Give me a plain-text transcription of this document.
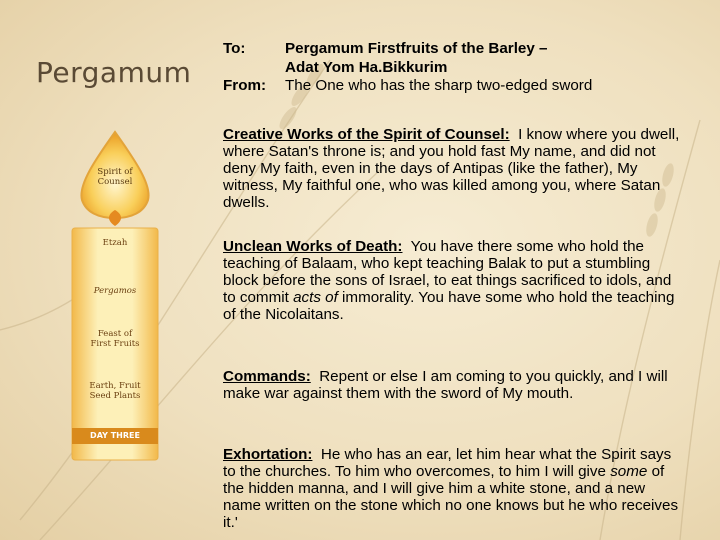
Pergamum
Spirit of
Counsel
Etzah
Pergamos
Feast of
First Fruits
Earth, Fruit
Seed Plants
DAY THREE
To:	Pergamum Firstfruits of the Barley –
Adat Yom Ha.Bikkurim
From:	The One who has the sharp two-edged sword
Creative Works of the Spirit of Counsel: I know where you dwell, where Satan's throne is; and you hold fast My name, and did not deny My faith, even in the days of Antipas (like the father), My witness, My faithful one, who was killed among you, where Satan dwells.
Unclean Works of Death: You have there some who hold the teaching of Balaam, who kept teaching Balak to put a stumbling block before the sons of Israel, to eat things sacrificed to idols, and to commit acts of immorality. You have some who hold the teaching of the Nicolaitans.
Commands: Repent or else I am coming to you quickly, and I will make war against them with the sword of My mouth.
Exhortation: He who has an ear, let him hear what the Spirit says to the churches. To him who overcomes, to him I will give some of the hidden manna, and I will give him a white stone, and a new name written on the stone which no one knows but he who receives it.'
